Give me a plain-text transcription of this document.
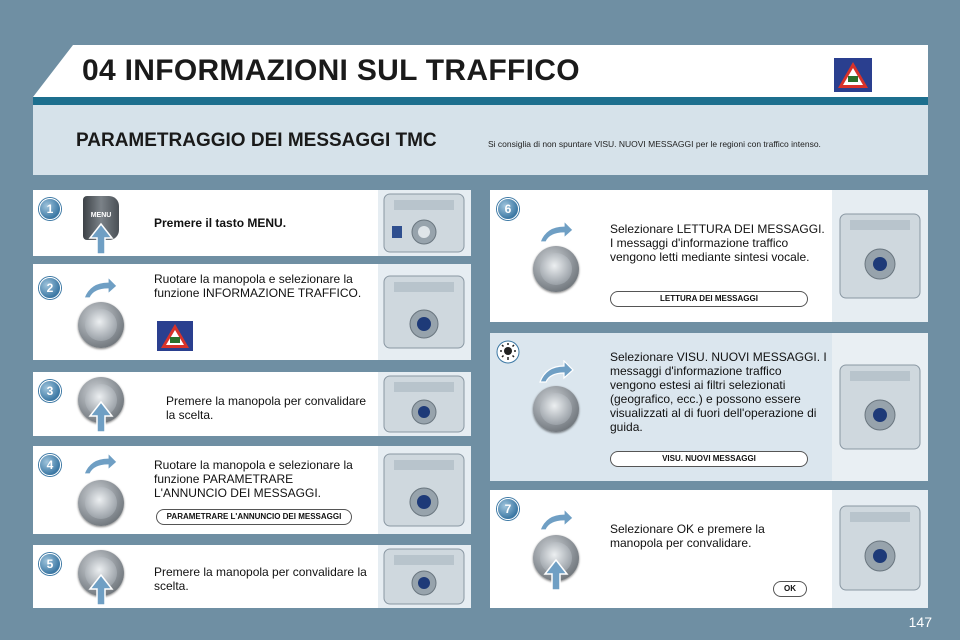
04 INFORMAZIONI SUL TRAFFICO
PARAMETRAGGIO DEI MESSAGGI TMC	Si consiglia di non spuntare VISU. NUOVI MESSAGGI per le regioni con traffico intenso.
1	MENU
Premere il tasto MENU.
2
Ruotare la manopola e selezionare la funzione INFORMAZIONE TRAFFICO.
3
Premere la manopola per convalidare la scelta.
4	Ruotare la manopola e selezionare la funzione PARAMETRARE L'ANNUNCIO DEI MESSAGGI.
PARAMETRARE L'ANNUNCIO DEI MESSAGGI
5
Premere la manopola per convalidare la scelta.
6
Selezionare LETTURA DEI MESSAGGI. I messaggi d'informazione traffico vengono letti mediante sintesi vocale.
LETTURA DEI MESSAGGI
Selezionare VISU. NUOVI MESSAGGI. I messaggi d'informazione traffico vengono estesi ai filtri selezionati (geografico, ecc.) e possono essere visualizzati al di fuori dell'operazione di guida.
VISU. NUOVI MESSAGGI
7
Selezionare OK e premere la manopola per convalidare.
OK
147
